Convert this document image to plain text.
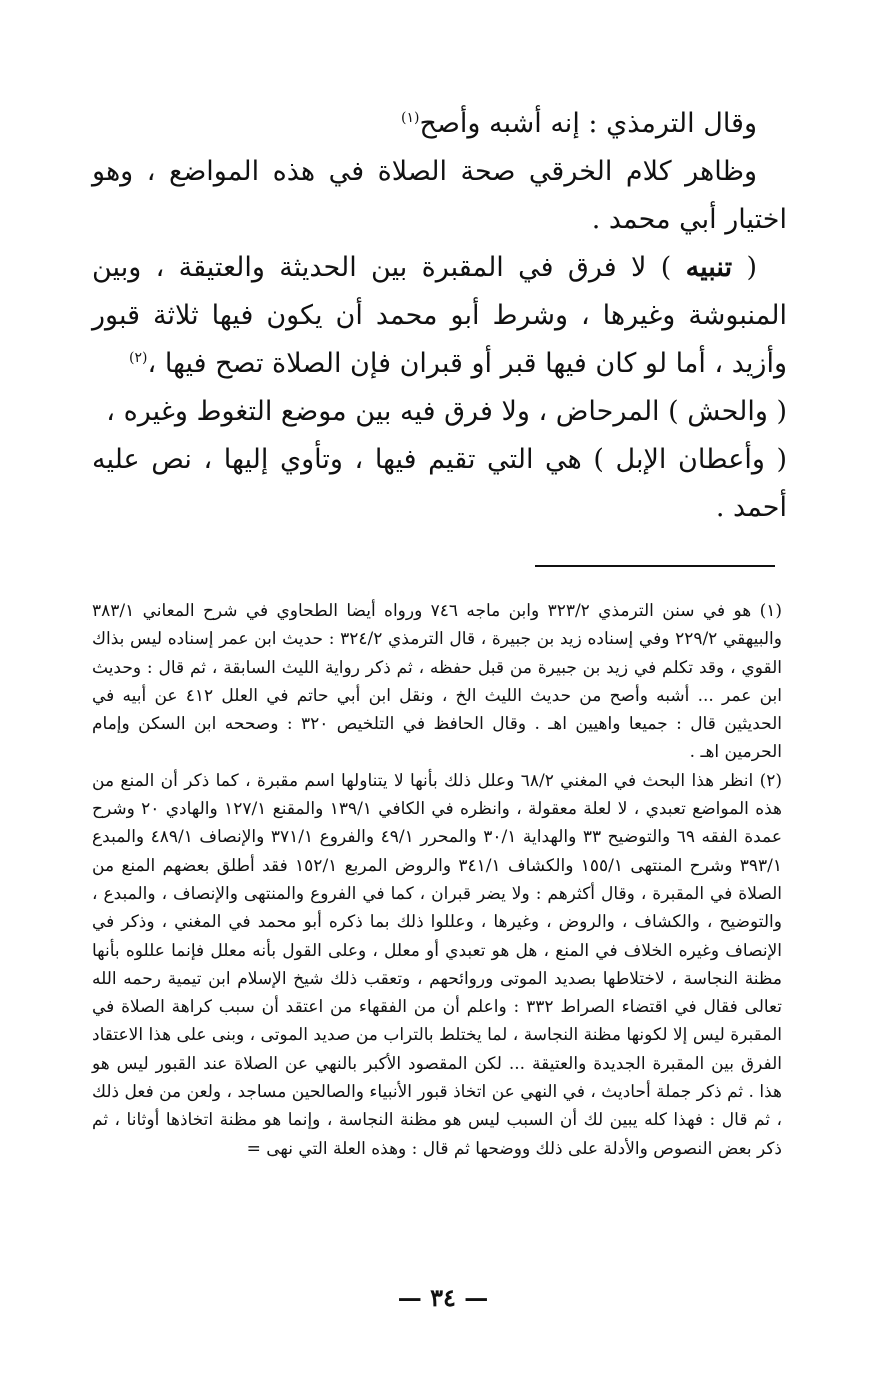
وقال الترمذي : إنه أشبه وأصح$^{(١)}$

وظاهر كلام الخرقي صحة الصلاة في هذه المواضع ، وهو اختيار أبي محمد .

( تنبيه ) لا فرق في المقبرة بين الحديثة والعتيقة ، وبين المنبوشة وغيرها ، وشرط أبو محمد أن يكون فيها ثلاثة قبور وأزيد ، أما لو كان فيها قبر أو قبران فإن الصلاة تصح فيها ،$^{(٢)}$

( والحش ) المرحاض ، ولا فرق فيه بين موضع التغوط وغيره ،

( وأعطان الإبل ) هي التي تقيم فيها ، وتأوي إليها ، نص عليه أحمد .

(١) هو في سنن الترمذي ٣٢٣/٢ وابن ماجه ٧٤٦ ورواه أيضا الطحاوي في شرح المعاني ٣٨٣/١ والبيهقي ٢٢٩/٢ وفي إسناده زيد بن جبيرة ، قال الترمذي ٣٢٤/٢ : حديث ابن عمر إسناده ليس بذاك القوي ، وقد تكلم في زيد بن جبيرة من قبل حفظه ، ثم ذكر رواية الليث السابقة ، ثم قال : وحديث ابن عمر ... أشبه وأصح من حديث الليث الخ ، ونقل ابن أبي حاتم في العلل ٤١٢ عن أبيه في الحديثين قال : جميعا واهيين اهـ . وقال الحافظ في التلخيص ٣٢٠ : وصححه ابن السكن وإمام الحرمين اهـ .

(٢) انظر هذا البحث في المغني ٦٨/٢ وعلل ذلك بأنها لا يتناولها اسم مقبرة ، كما ذكر أن المنع من هذه المواضع تعبدي ، لا لعلة معقولة ، وانظره في الكافي ١٣٩/١ والمقنع ١٢٧/١ والهادي ٢٠ وشرح عمدة الفقه ٦٩ والتوضيح ٣٣ والهداية ٣٠/١ والمحرر ٤٩/١ والفروع ٣٧١/١ والإنصاف ٤٨٩/١ والمبدع ٣٩٣/١ وشرح المنتهى ١٥٥/١ والكشاف ٣٤١/١ والروض المربع ١٥٢/١ فقد أطلق بعضهم المنع من الصلاة في المقبرة ، وقال أكثرهم : ولا يضر قبران ، كما في الفروع والمنتهى والإنصاف ، والمبدع ، والتوضيح ، والكشاف ، والروض ، وغيرها ، وعللوا ذلك بما ذكره أبو محمد في المغني ، وذكر في الإنصاف وغيره الخلاف في المنع ، هل هو تعبدي أو معلل ، وعلى القول بأنه معلل فإنما عللوه بأنها مظنة النجاسة ، لاختلاطها بصديد الموتى وروائحهم ، وتعقب ذلك شيخ الإسلام ابن تيمية رحمه الله تعالى فقال في اقتضاء الصراط ٣٣٢ : واعلم أن من الفقهاء من اعتقد أن سبب كراهة الصلاة في المقبرة ليس إلا لكونها مظنة النجاسة ، لما يختلط بالتراب من صديد الموتى ، وبنى على هذا الاعتقاد الفرق بين المقبرة الجديدة والعتيقة ... لكن المقصود الأكبر بالنهي عن الصلاة عند القبور ليس هو هذا . ثم ذكر جملة أحاديث ، في النهي عن اتخاذ قبور الأنبياء والصالحين مساجد ، ولعن من فعل ذلك ، ثم قال : فهذا كله يبين لك أن السبب ليس هو مظنة النجاسة ، وإنما هو مظنة اتخاذها أوثانا ، ثم ذكر بعض النصوص والأدلة على ذلك ووضحها ثم قال : وهذه العلة التي نهى =

— ٣٤ —
